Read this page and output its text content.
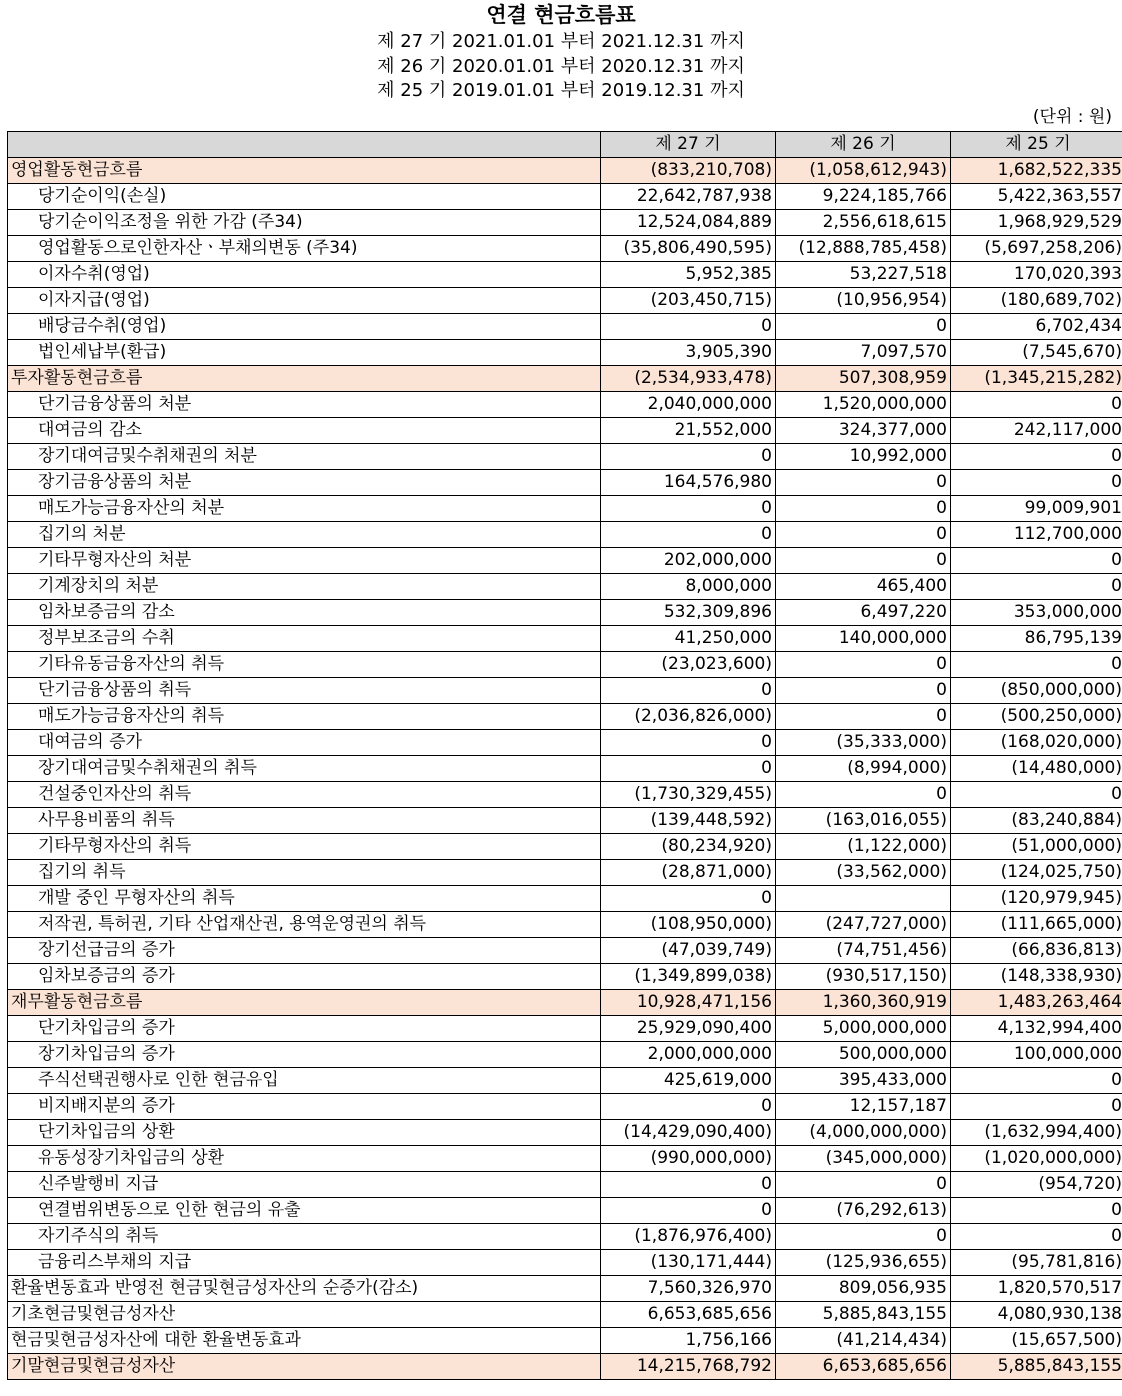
연결 현금흐름표
제 27 기 2021.01.01 부터 2021.12.31 까지
제 26 기 2020.01.01 부터 2020.12.31 까지
제 25 기 2019.01.01 부터 2019.12.31 까지
(단위 : 원)
	제 27 기	제 26 기	제 25 기
영업활동현금흐름	(833,210,708)	(1,058,612,943)	1,682,522,335
당기순이익(손실)	22,642,787,938	9,224,185,766	5,422,363,557
당기순이익조정을 위한 가감 (주34)	12,524,084,889	2,556,618,615	1,968,929,529
영업활동으로인한자산ㆍ부채의변동 (주34)	(35,806,490,595)	(12,888,785,458)	(5,697,258,206)
이자수취(영업)	5,952,385	53,227,518	170,020,393
이자지급(영업)	(203,450,715)	(10,956,954)	(180,689,702)
배당금수취(영업)	0	0	6,702,434
법인세납부(환급)	3,905,390	7,097,570	(7,545,670)
투자활동현금흐름	(2,534,933,478)	507,308,959	(1,345,215,282)
단기금융상품의 처분	2,040,000,000	1,520,000,000	0
대여금의 감소	21,552,000	324,377,000	242,117,000
장기대여금및수취채권의 처분	0	10,992,000	0
장기금융상품의 처분	164,576,980	0	0
매도가능금융자산의 처분	0	0	99,009,901
집기의 처분	0	0	112,700,000
기타무형자산의 처분	202,000,000	0	0
기계장치의 처분	8,000,000	465,400	0
임차보증금의 감소	532,309,896	6,497,220	353,000,000
정부보조금의 수취	41,250,000	140,000,000	86,795,139
기타유동금융자산의 취득	(23,023,600)	0	0
단기금융상품의 취득	0	0	(850,000,000)
매도가능금융자산의 취득	(2,036,826,000)	0	(500,250,000)
대여금의 증가	0	(35,333,000)	(168,020,000)
장기대여금및수취채권의 취득	0	(8,994,000)	(14,480,000)
건설중인자산의 취득	(1,730,329,455)	0	0
사무용비품의 취득	(139,448,592)	(163,016,055)	(83,240,884)
기타무형자산의 취득	(80,234,920)	(1,122,000)	(51,000,000)
집기의 취득	(28,871,000)	(33,562,000)	(124,025,750)
개발 중인 무형자산의 취득	0		(120,979,945)
저작권, 특허권, 기타 산업재산권, 용역운영권의 취득	(108,950,000)	(247,727,000)	(111,665,000)
장기선급금의 증가	(47,039,749)	(74,751,456)	(66,836,813)
임차보증금의 증가	(1,349,899,038)	(930,517,150)	(148,338,930)
재무활동현금흐름	10,928,471,156	1,360,360,919	1,483,263,464
단기차입금의 증가	25,929,090,400	5,000,000,000	4,132,994,400
장기차입금의 증가	2,000,000,000	500,000,000	100,000,000
주식선택권행사로 인한 현금유입	425,619,000	395,433,000	0
비지배지분의 증가	0	12,157,187	0
단기차입금의 상환	(14,429,090,400)	(4,000,000,000)	(1,632,994,400)
유동성장기차입금의 상환	(990,000,000)	(345,000,000)	(1,020,000,000)
신주발행비 지급	0	0	(954,720)
연결범위변동으로 인한 현금의 유출	0	(76,292,613)	0
자기주식의 취득	(1,876,976,400)	0	0
금융리스부채의 지급	(130,171,444)	(125,936,655)	(95,781,816)
환율변동효과 반영전 현금및현금성자산의 순증가(감소)	7,560,326,970	809,056,935	1,820,570,517
기초현금및현금성자산	6,653,685,656	5,885,843,155	4,080,930,138
현금및현금성자산에 대한 환율변동효과	1,756,166	(41,214,434)	(15,657,500)
기말현금및현금성자산	14,215,768,792	6,653,685,656	5,885,843,155
